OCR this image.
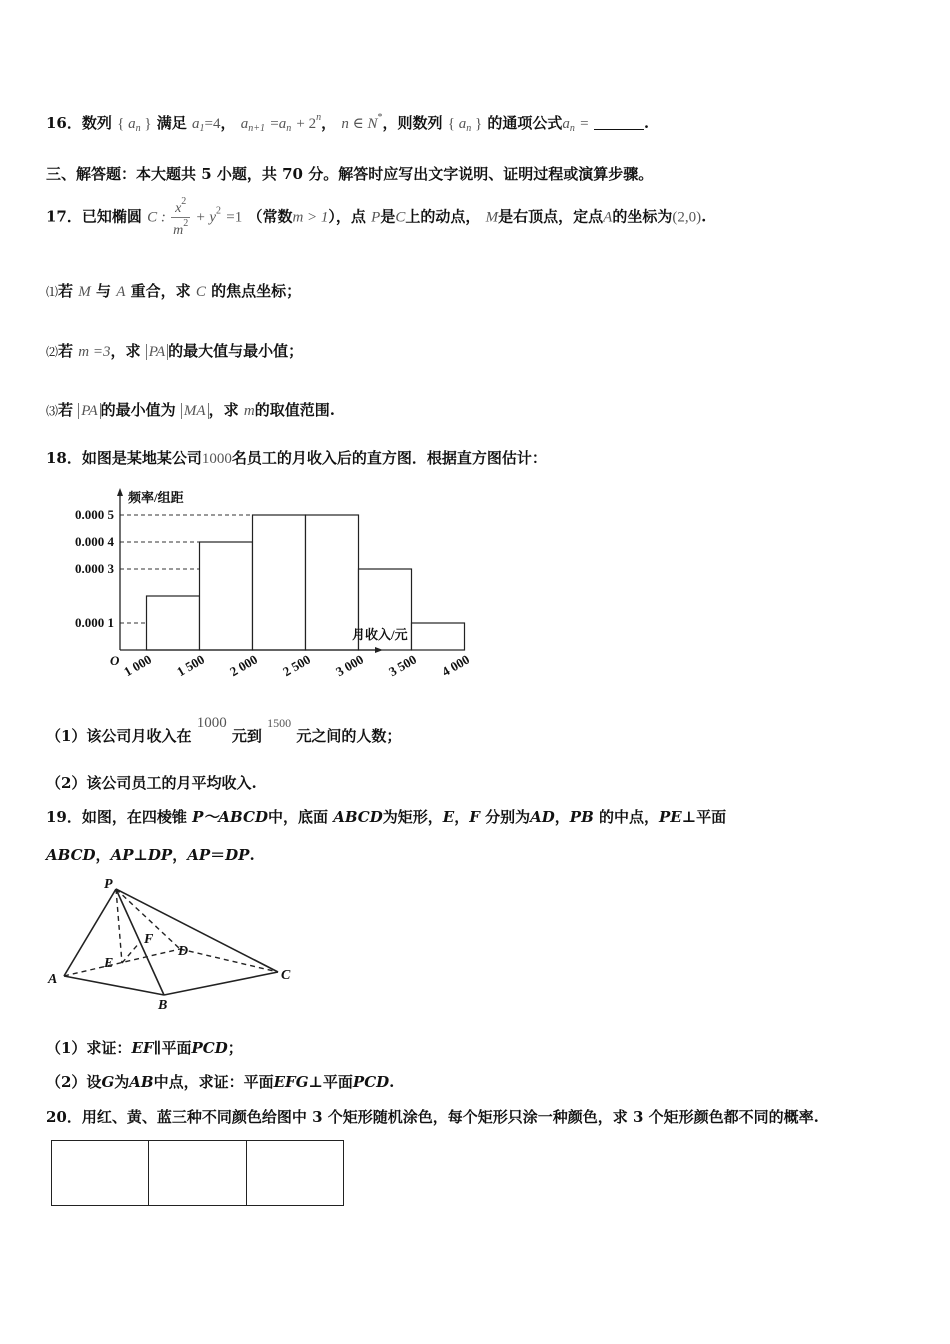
16．数列 { $a_n$ } 满足 $a_1=4$， $a_{n+1} =a_n + 2^n$， n ∈ N*，则数列 { $a_n$ } 的通项公式$a_n$ =	.
三、解答题：本大题共 5 小题，共 70 分。解答时应写出文字说明、证明过程或演算步骤。
17．已知椭圆 C : $\frac{x^2}{m^2} + y^2 =1$ （常数m > 1），点 P是C上的动点， M是右顶点，定点A的坐标为(2,0).
⑴若 M 与 A 重合，求 C 的焦点坐标；
⑵若 m =3，求 PA 的最大值与最小值；
⑶若 PA 的最小值为 MA ，求 m的取值范围.
18．如图是某地某公司1000名员工的月收入后的直方图．根据直方图估计：
0.000 5
0.000 4
0.000 3
0.000 1
频率/组距
月收入/元
O 1 000 1 500 2 000 2 500 3 000 3 500 4 000
（1）该公司月收入在 1000 元到 $^{1500}$ 元之间的人数；
（2）该公司员工的月平均收入.
19．如图，在四棱锥 P～ABCD中，底面 ABCD为矩形，E，F 分别为AD，PB 的中点，PE⊥平面
ABCD，AP⊥DP，AP＝DP.
P
A
B
C
D
E
F
（1）求证：EF∥平面PCD；
（2）设G为AB中点，求证：平面EFG⊥平面PCD.
20．用红、黄、蓝三种不同颜色给图中 3 个矩形随机涂色，每个矩形只涂一种颜色，求 3 个矩形颜色都不同的概率.
